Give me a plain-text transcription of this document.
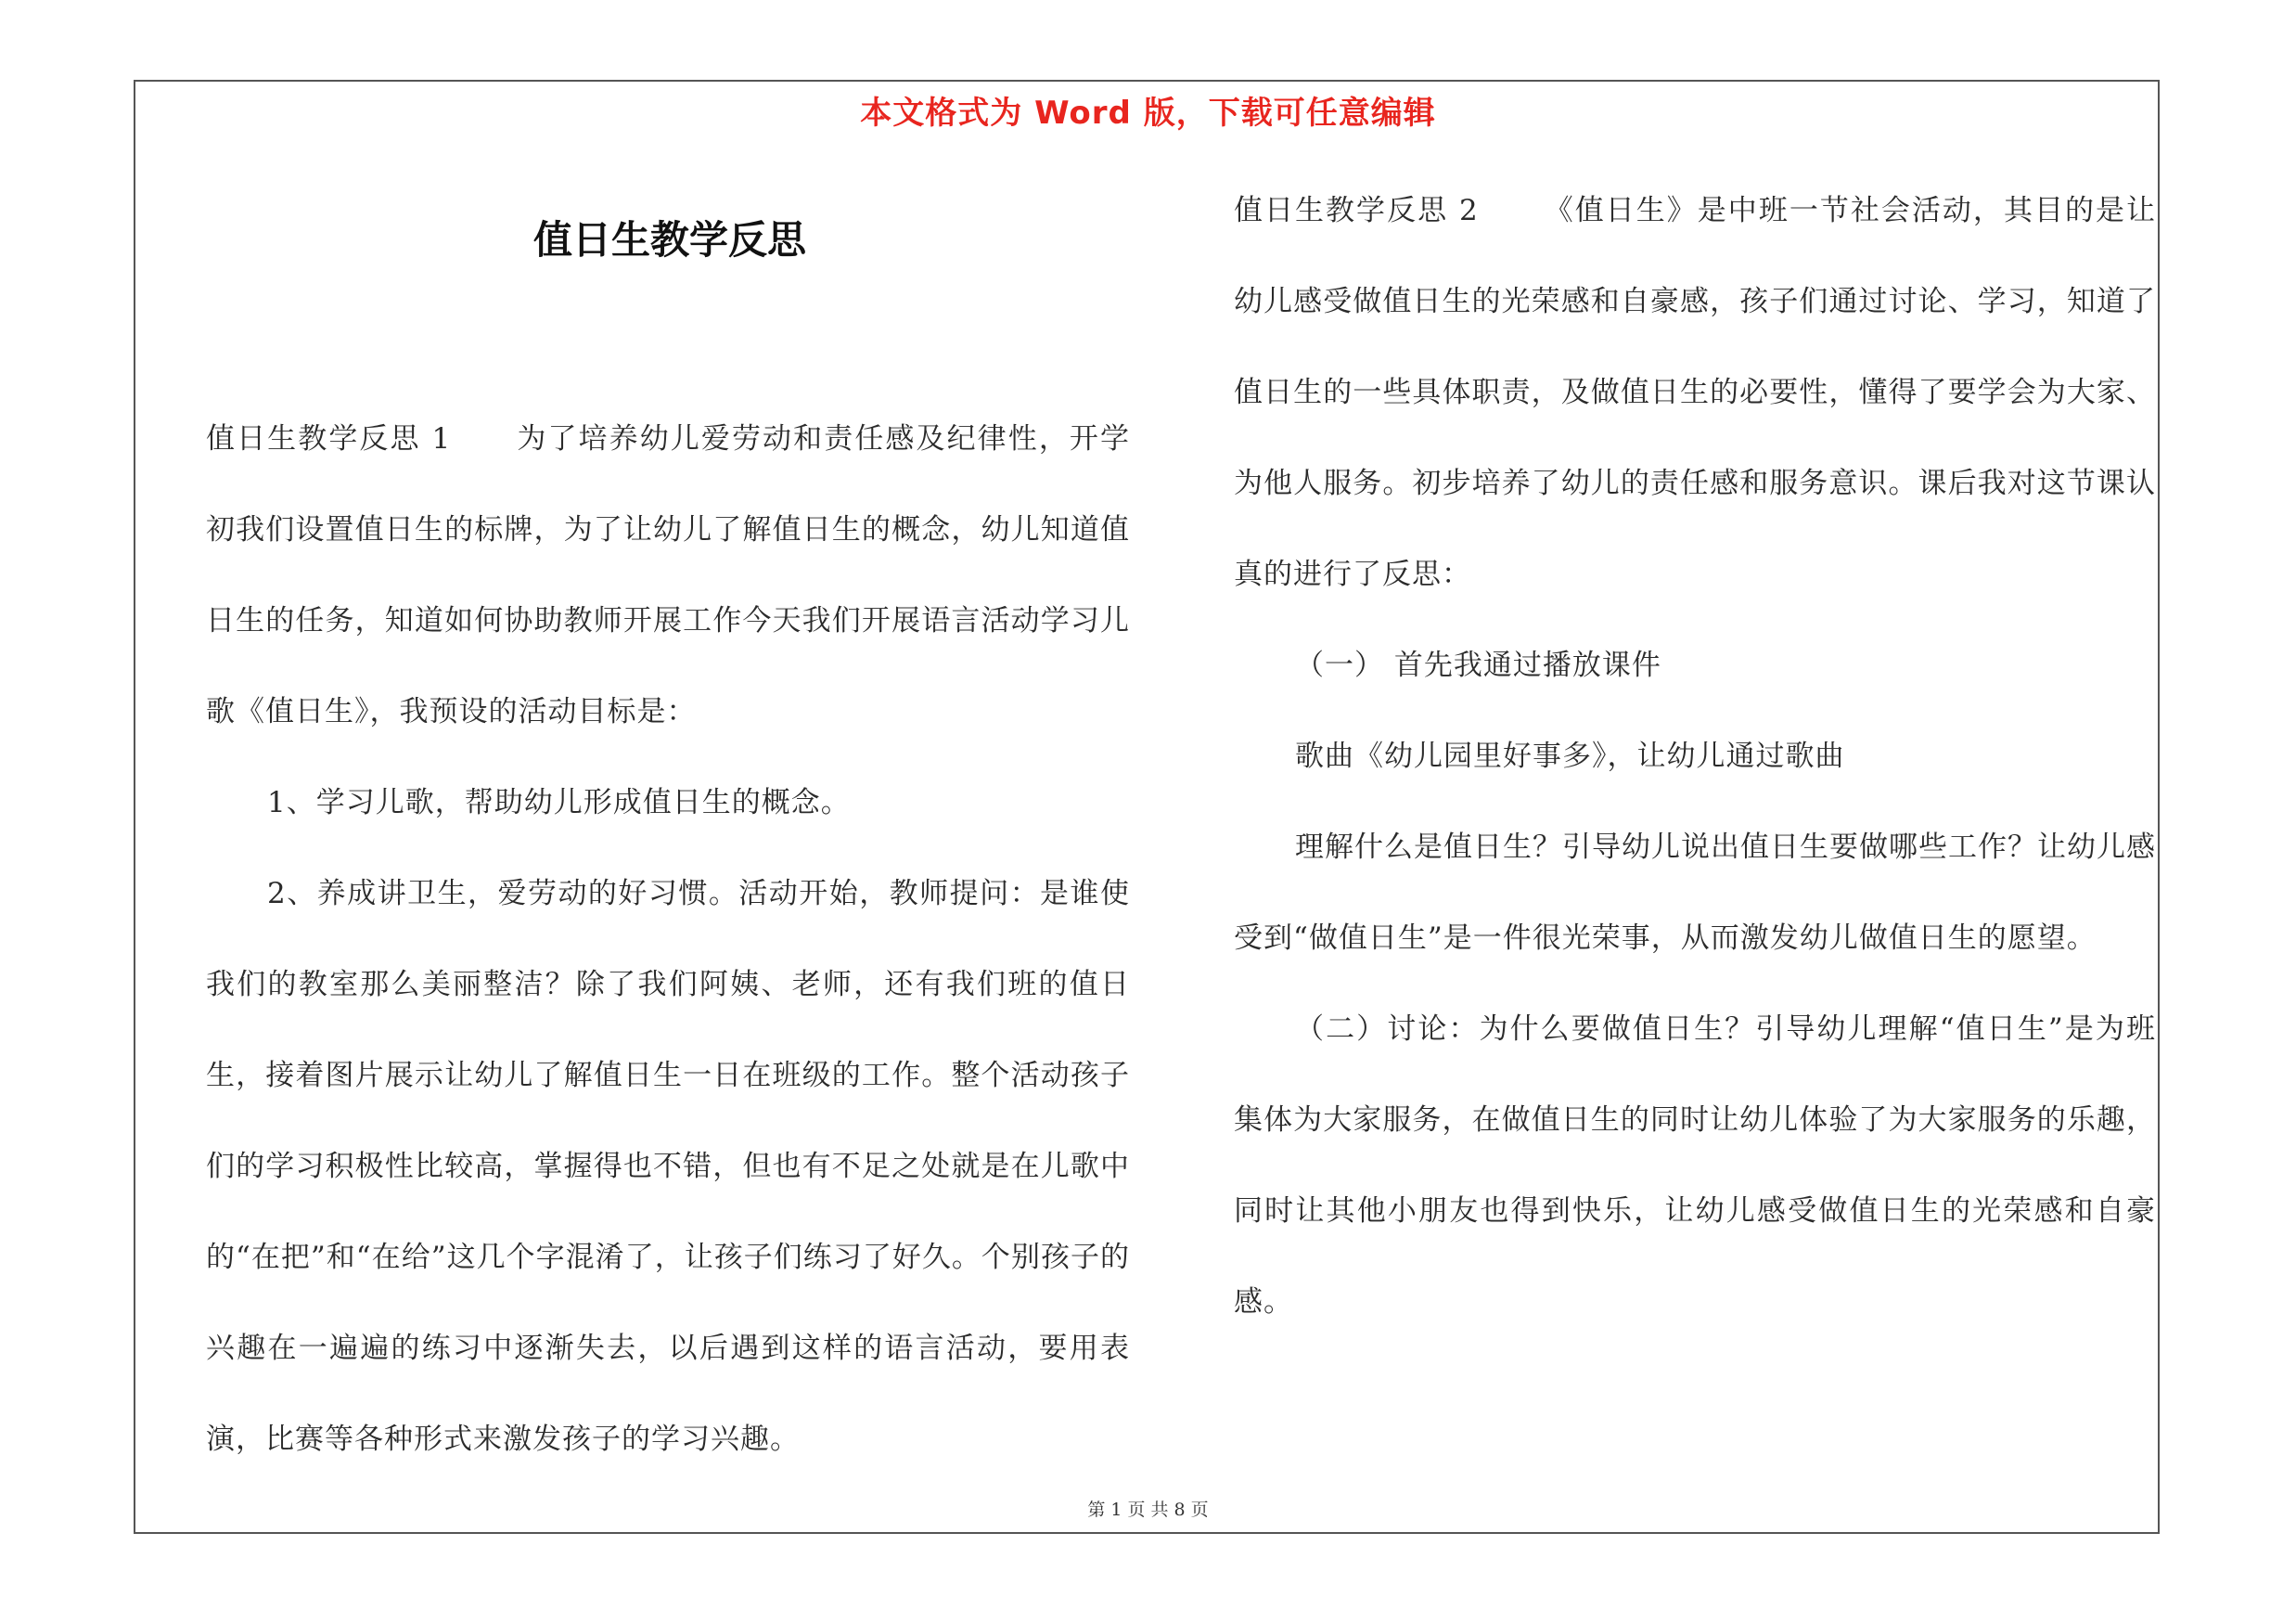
本文格式为 Word 版，下载可任意编辑
值日生教学反思

值日生教学反思 1 为了培养幼儿爱劳动和责任感及纪律性，开学初我们设置值日生的标牌，为了让幼儿了解值日生的概念，幼儿知道值日生的任务，知道如何协助教师开展工作今天我们开展语言活动学习儿歌《值日生》，我预设的活动目标是：

1、学习儿歌，帮助幼儿形成值日生的概念。

2、养成讲卫生，爱劳动的好习惯。活动开始，教师提问：是谁使我们的教室那么美丽整洁？除了我们阿姨、老师，还有我们班的值日生，接着图片展示让幼儿了解值日生一日在班级的工作。整个活动孩子们的学习积极性比较高，掌握得也不错，但也有不足之处就是在儿歌中的“在把”和“在给”这几个字混淆了，让孩子们练习了好久。个别孩子的兴趣在一遍遍的练习中逐渐失去，以后遇到这样的语言活动，要用表演，比赛等各种形式来激发孩子的学习兴趣。

值日生教学反思 2 《值日生》是中班一节社会活动，其目的是让幼儿感受做值日生的光荣感和自豪感，孩子们通过讨论、学习，知道了值日生的一些具体职责，及做值日生的必要性，懂得了要学会为大家、为他人服务。初步培养了幼儿的责任感和服务意识。课后我对这节课认真的进行了反思：

（一） 首先我通过播放课件

歌曲《幼儿园里好事多》，让幼儿通过歌曲

理解什么是值日生？引导幼儿说出值日生要做哪些工作？让幼儿感受到“做值日生”是一件很光荣事，从而激发幼儿做值日生的愿望。

（二）讨论：为什么要做值日生？引导幼儿理解“值日生”是为班集体为大家服务，在做值日生的同时让幼儿体验了为大家服务的乐趣，同时让其他小朋友也得到快乐，让幼儿感受做值日生的光荣感和自豪感。

第 1 页 共 8 页
